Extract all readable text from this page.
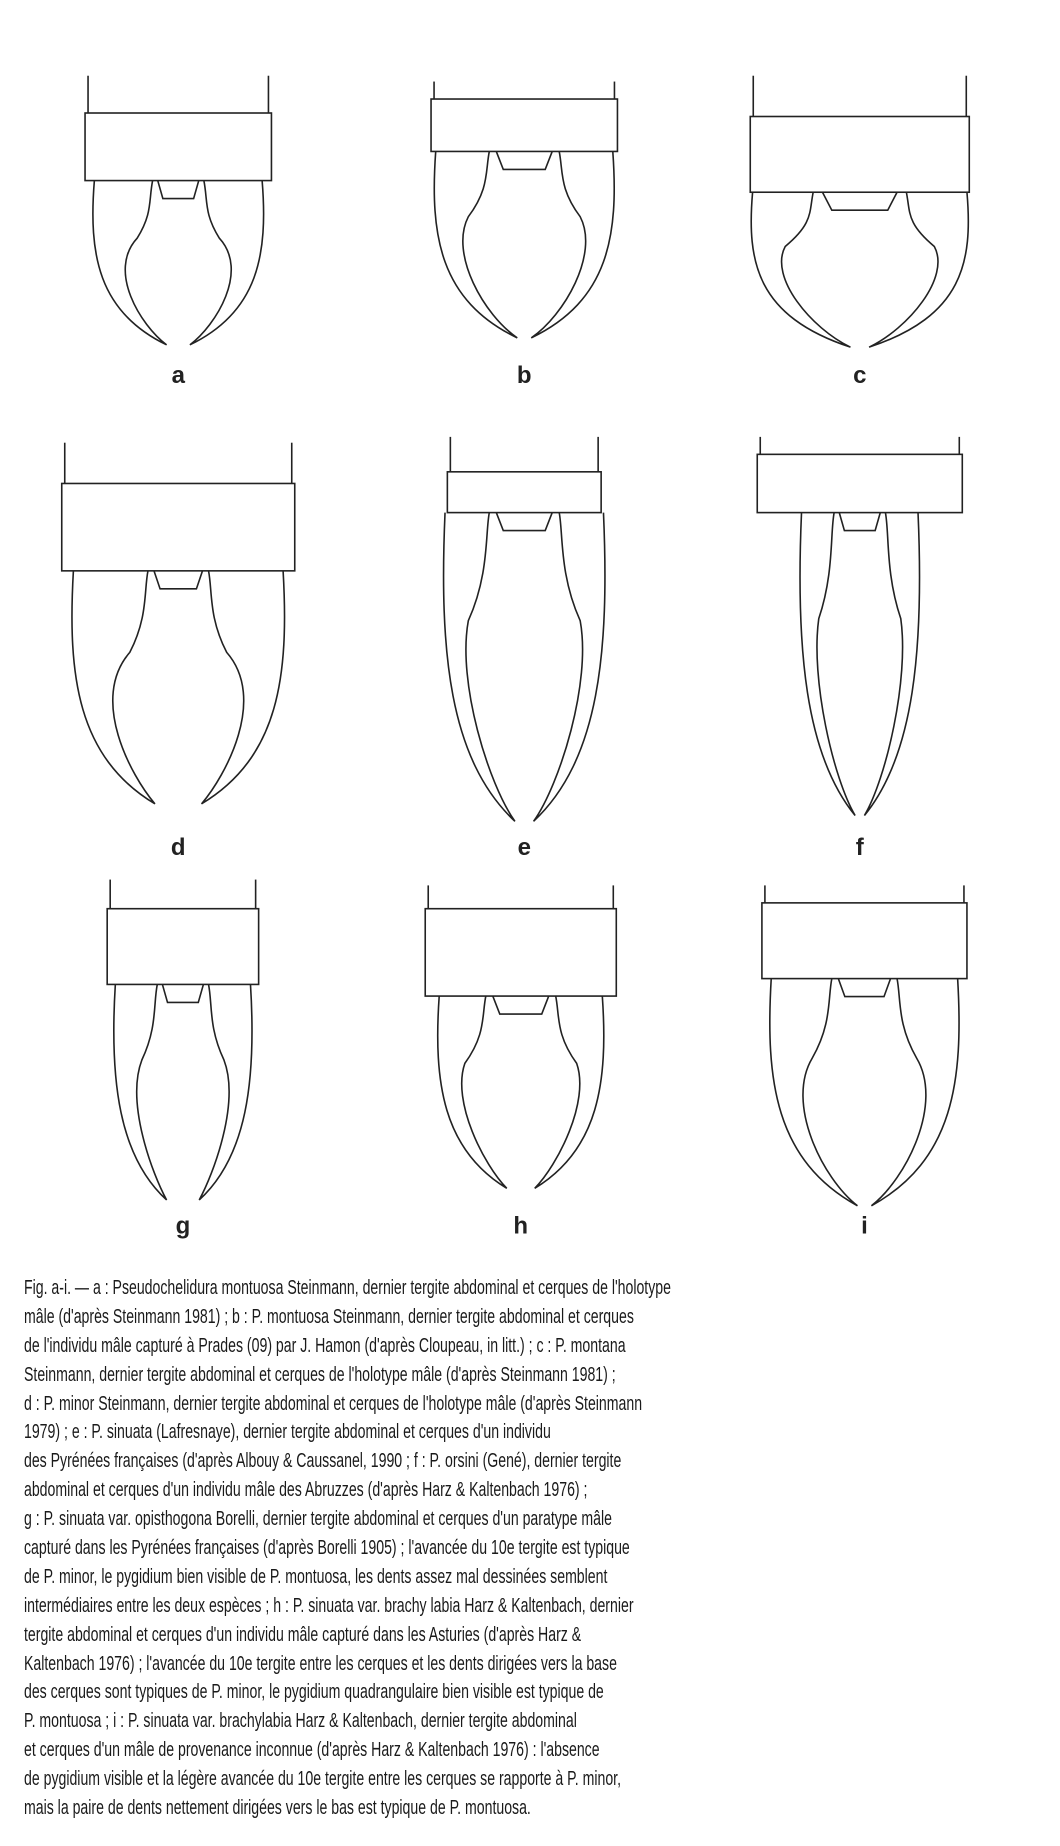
a	b	c
d	e	f
g	h	i
Fig. a-i. — a : Pseudochelidura montuosa Steinmann, dernier tergite abdominal et cerques de l'holotype
mâle (d'après Steinmann 1981) ; b : P. montuosa Steinmann, dernier tergite abdominal et cerques
de l'individu mâle capturé à Prades (09) par J. Hamon (d'après Cloupeau, in litt.) ; c : P. montana
Steinmann, dernier tergite abdominal et cerques de l'holotype mâle (d'après Steinmann 1981) ;
d : P. minor Steinmann, dernier tergite abdominal et cerques de l'holotype mâle (d'après Steinmann
1979) ; e : P. sinuata (Lafresnaye), dernier tergite abdominal et cerques d'un individu
des Pyrénées françaises (d'après Albouy & Caussanel, 1990 ; f : P. orsini (Gené), dernier tergite
abdominal et cerques d'un individu mâle des Abruzzes (d'après Harz & Kaltenbach 1976) ;
g : P. sinuata var. opisthogona Borelli, dernier tergite abdominal et cerques d'un paratype mâle
capturé dans les Pyrénées françaises (d'après Borelli 1905) ; l'avancée du 10e tergite est typique
de P. minor, le pygidium bien visible de P. montuosa, les dents assez mal dessinées semblent
intermédiaires entre les deux espèces ; h : P. sinuata var. brachy labia Harz & Kaltenbach, dernier
tergite abdominal et cerques d'un individu mâle capturé dans les Asturies (d'après Harz &
Kaltenbach 1976) ; l'avancée du 10e tergite entre les cerques et les dents dirigées vers la base
des cerques sont typiques de P. minor, le pygidium quadrangulaire bien visible est typique de
P. montuosa ; i : P. sinuata var. brachylabia Harz & Kaltenbach, dernier tergite abdominal
et cerques d'un mâle de provenance inconnue (d'après Harz & Kaltenbach 1976) : l'absence
de pygidium visible et la légère avancée du 10e tergite entre les cerques se rapporte à P. minor,
mais la paire de dents nettement dirigées vers le bas est typique de P. montuosa.
